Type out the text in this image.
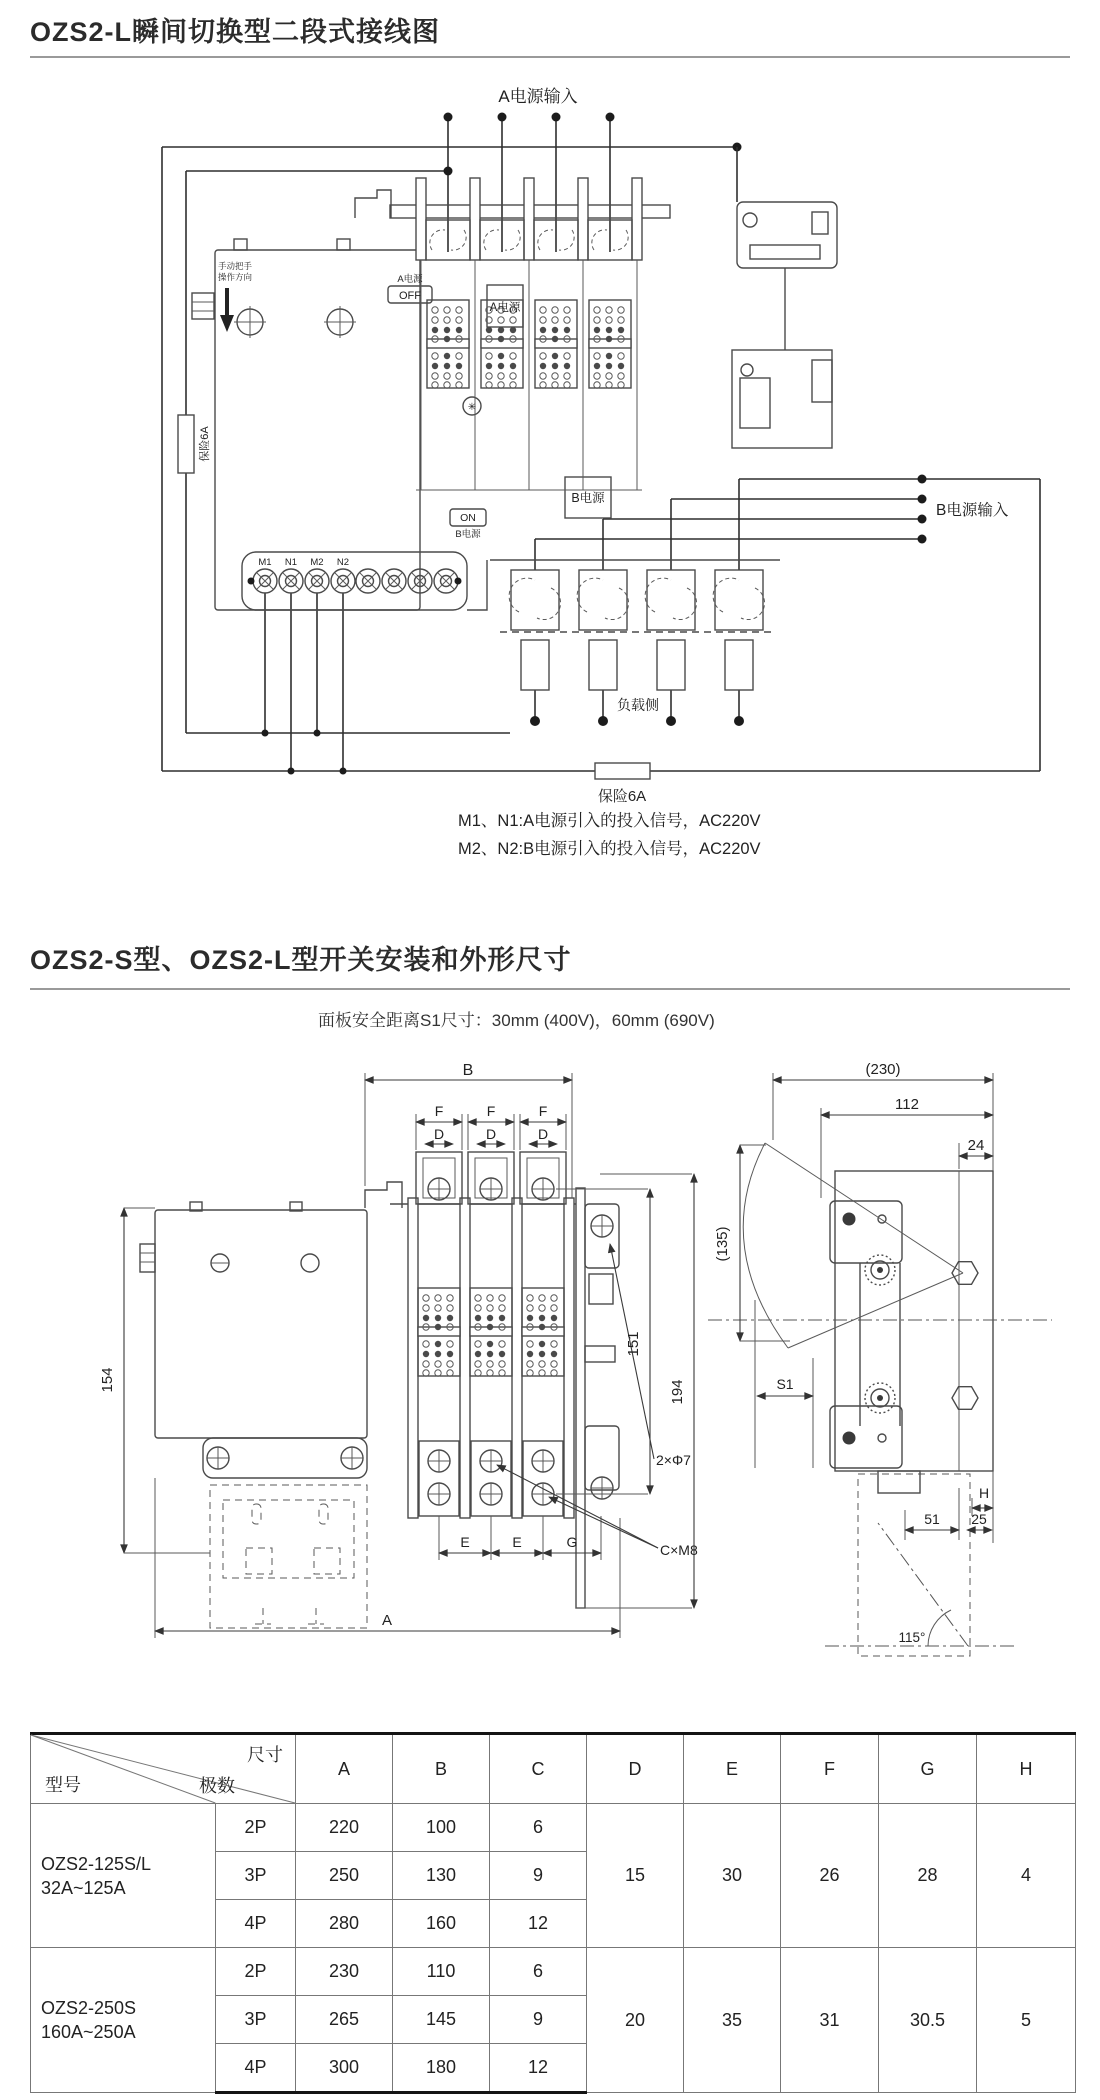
OZS2-L瞬间切换型二段式接线图
A电源输入
B电源输入
A电源
OFF
ON
B电源
A电源
B电源
手动把手
操作方向
保险6A
保险6A
负载侧
✳
M1 N1 M2 N2
M1、N1:A电源引入的投入信号，AC220V
M2、N2:B电源引入的投入信号，AC220V
OZS2-S型、OZS2-L型开关安装和外形尺寸
面板安全距离S1尺寸：30mm (400V)，60mm (690V)
B
F	F	F
D	D	D
154
151
194
2×Φ7
C×M8
E	E	G
A
(230)
112
24
(135)
S1
H
51 25
115°
尺寸
极数
型号		A	B	C	D	E	F	G	H

OZS2-125S/L
32A~125A	2P	220	100	6	15	30	26	28	4
	3P	250	130	9					
	4P	280	160	12					

OZS2-250S
160A~250A	2P	230	110	6	20	35	31	30.5	5
	3P	265	145	9					
	4P	300	180	12					
